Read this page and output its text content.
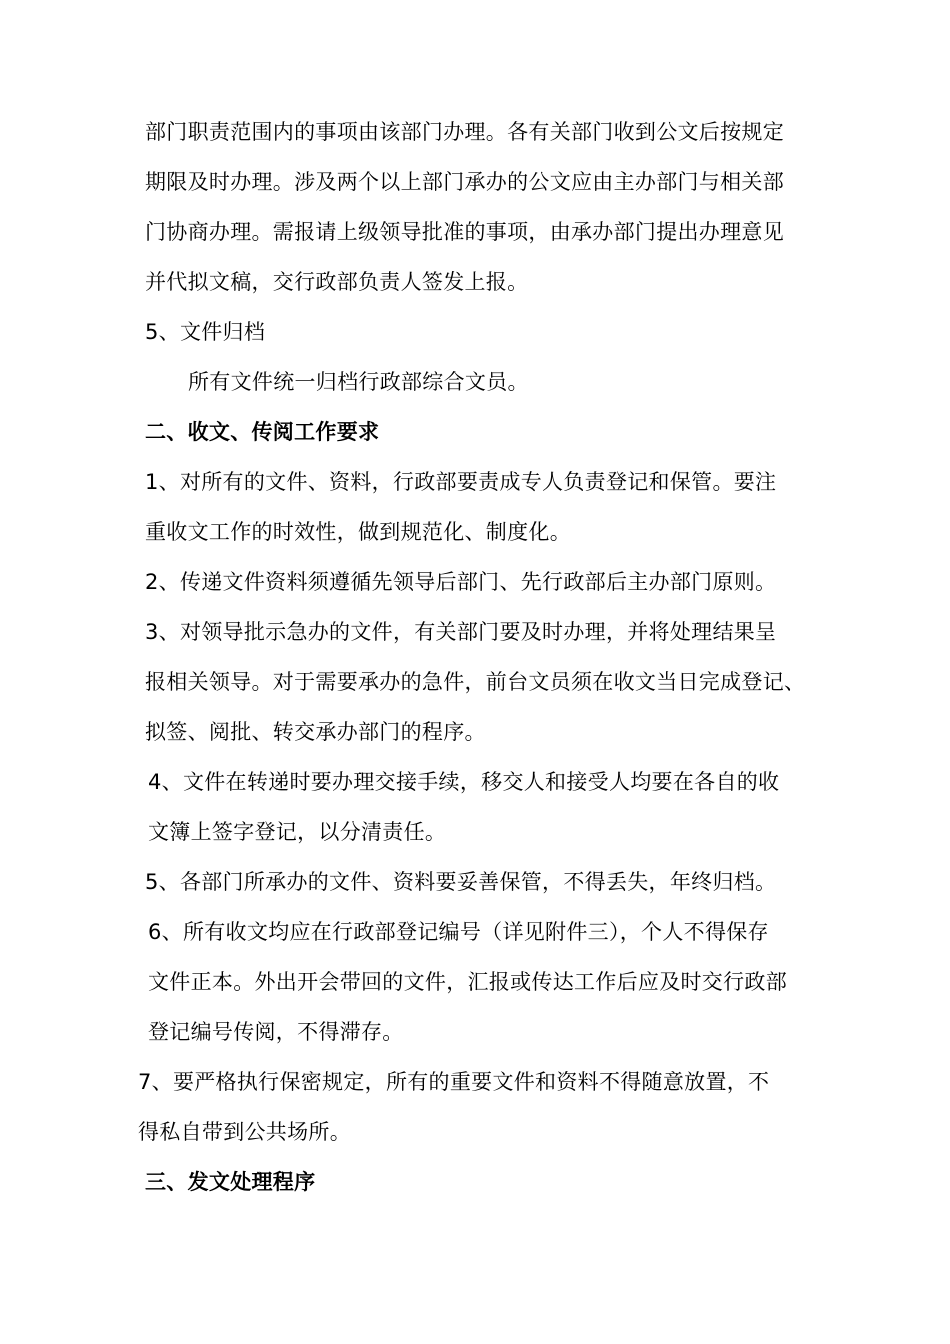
部门职责范围内的事项由该部门办理。各有关部门收到公文后按规定
期限及时办理。涉及两个以上部门承办的公文应由主办部门与相关部
门协商办理。需报请上级领导批准的事项，由承办部门提出办理意见
并代拟文稿，交行政部负责人签发上报。
5、文件归档
所有文件统一归档行政部综合文员。
二、收文、传阅工作要求
1、对所有的文件、资料，行政部要责成专人负责登记和保管。要注
重收文工作的时效性，做到规范化、制度化。
2、传递文件资料须遵循先领导后部门、先行政部后主办部门原则。
3、对领导批示急办的文件，有关部门要及时办理，并将处理结果呈
报相关领导。对于需要承办的急件，前台文员须在收文当日完成登记、
拟签、阅批、转交承办部门的程序。
4、文件在转递时要办理交接手续，移交人和接受人均要在各自的收
文簿上签字登记，以分清责任。
5、各部门所承办的文件、资料要妥善保管，不得丢失，年终归档。
6、所有收文均应在行政部登记编号（详见附件三），个人不得保存
文件正本。外出开会带回的文件，汇报或传达工作后应及时交行政部
登记编号传阅，不得滞存。
7、要严格执行保密规定，所有的重要文件和资料不得随意放置，不
得私自带到公共场所。
三、发文处理程序
